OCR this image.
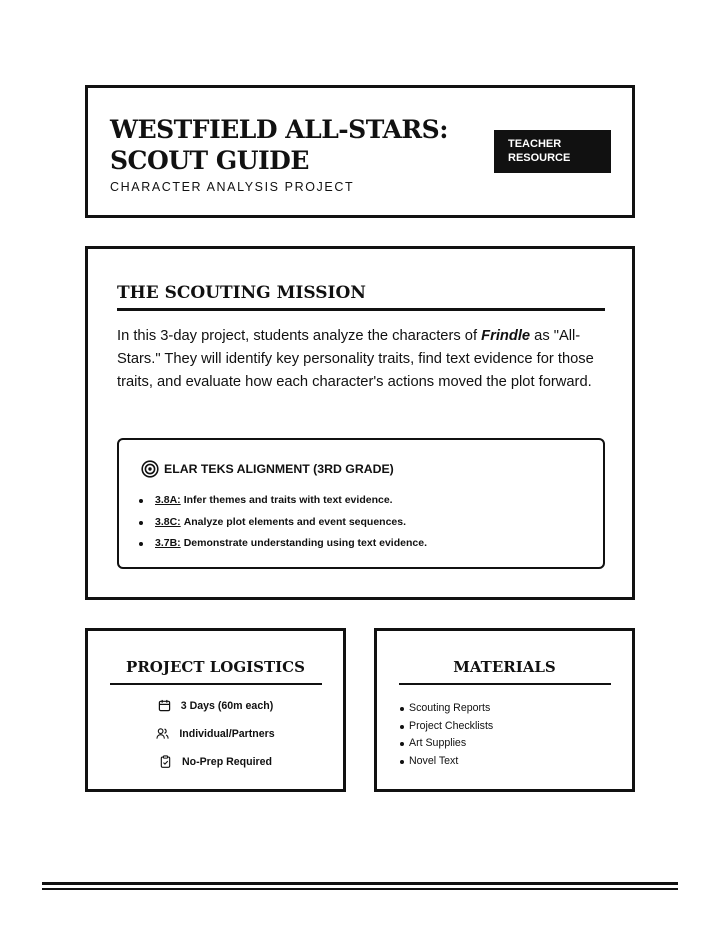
WESTFIELD ALL-STARS:
SCOUT GUIDE
CHARACTER ANALYSIS PROJECT
TEACHER
RESOURCE
THE SCOUTING MISSION

In this 3-day project, students analyze the characters of Frindle as "All-Stars." They will identify key personality traits, find text evidence for those traits, and evaluate how each character's actions moved the plot forward.

ELAR TEKS ALIGNMENT (3RD GRADE)
3.8A: Infer themes and traits with text evidence.
3.8C: Analyze plot elements and event sequences.
3.7B: Demonstrate understanding using text evidence.
PROJECT LOGISTICS
3 Days (60m each)
Individual/Partners
No-Prep Required
MATERIALS
Scouting Reports
Project Checklists
Art Supplies
Novel Text
